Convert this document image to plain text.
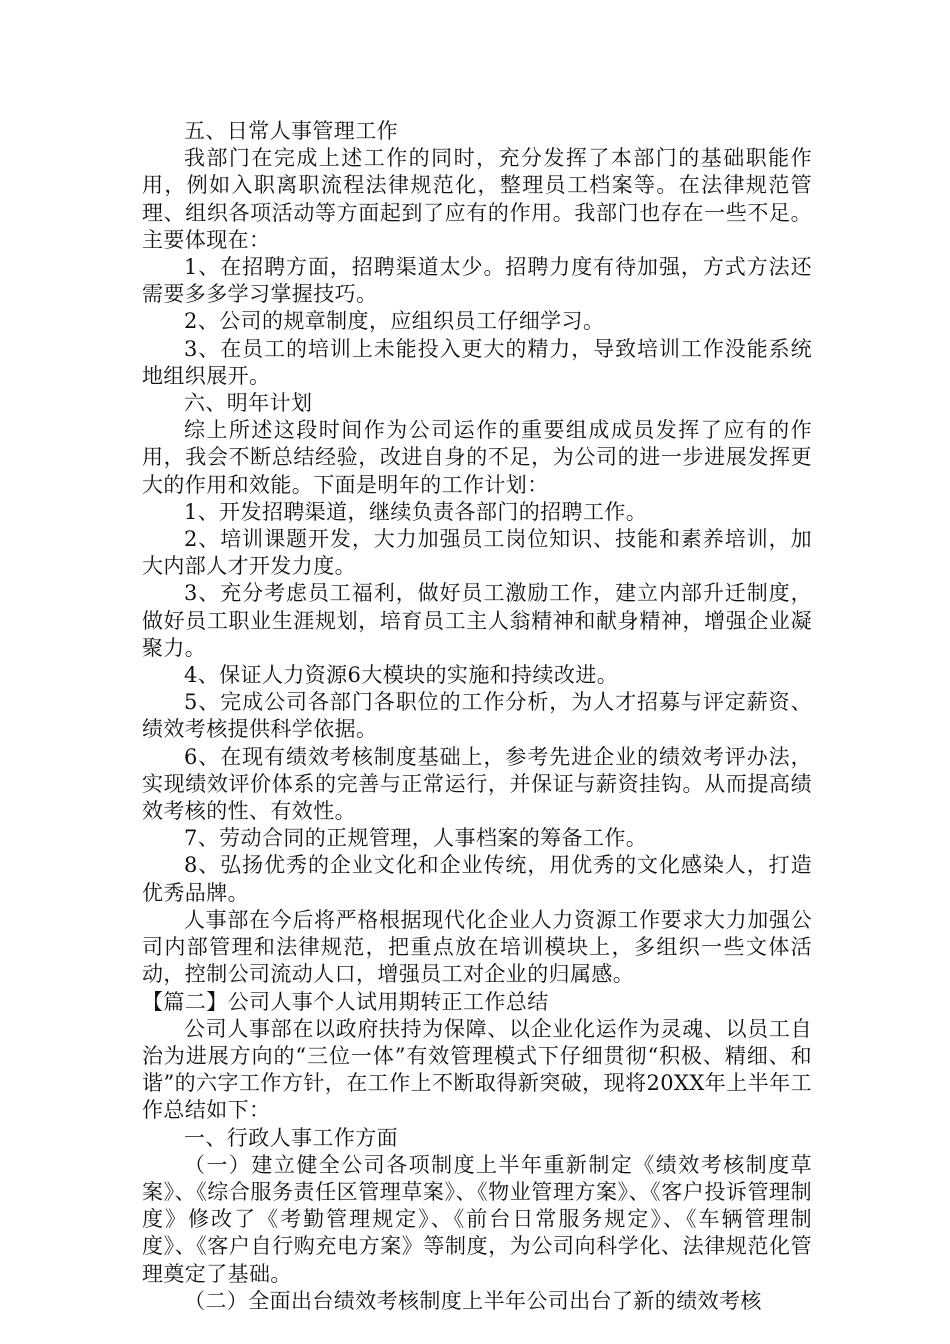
五、日常人事管理工作

我部门在完成上述工作的同时，充分发挥了本部门的基础职能作用，例如入职离职流程法律规范化，整理员工档案等。在法律规范管理、组织各项活动等方面起到了应有的作用。我部门也存在一些不足。主要体现在：

1、在招聘方面，招聘渠道太少。招聘力度有待加强，方式方法还需要多多学习掌握技巧。

2、公司的规章制度，应组织员工仔细学习。

3、在员工的培训上未能投入更大的精力，导致培训工作没能系统地组织展开。

六、明年计划

综上所述这段时间作为公司运作的重要组成成员发挥了应有的作用，我会不断总结经验，改进自身的不足，为公司的进一步进展发挥更大的作用和效能。下面是明年的工作计划：

1、开发招聘渠道，继续负责各部门的招聘工作。

2、培训课题开发，大力加强员工岗位知识、技能和素养培训，加大内部人才开发力度。

3、充分考虑员工福利，做好员工激励工作，建立内部升迁制度，做好员工职业生涯规划，培育员工主人翁精神和献身精神，增强企业凝聚力。

4、保证人力资源6大模块的实施和持续改进。

5、完成公司各部门各职位的工作分析，为人才招募与评定薪资、绩效考核提供科学依据。

6、在现有绩效考核制度基础上，参考先进企业的绩效考评办法，实现绩效评价体系的完善与正常运行，并保证与薪资挂钩。从而提高绩效考核的性、有效性。

7、劳动合同的正规管理，人事档案的筹备工作。

8、弘扬优秀的企业文化和企业传统，用优秀的文化感染人，打造优秀品牌。

人事部在今后将严格根据现代化企业人力资源工作要求大力加强公司内部管理和法律规范，把重点放在培训模块上，多组织一些文体活动，控制公司流动人口，增强员工对企业的归属感。

【篇二】公司人事个人试用期转正工作总结

公司人事部在以政府扶持为保障、以企业化运作为灵魂、以员工自治为进展方向的“三位一体”有效管理模式下仔细贯彻“积极、精细、和谐”的六字工作方针，在工作上不断取得新突破，现将20XX年上半年工作总结如下：

一、行政人事工作方面

（一）建立健全公司各项制度上半年重新制定《绩效考核制度草案》、《综合服务责任区管理草案》、《物业管理方案》、《客户投诉管理制度》修改了《考勤管理规定》、《前台日常服务规定》、《车辆管理制度》、《客户自行购充电方案》等制度，为公司向科学化、法律规范化管理奠定了基础。

（二）全面出台绩效考核制度上半年公司出台了新的绩效考核
